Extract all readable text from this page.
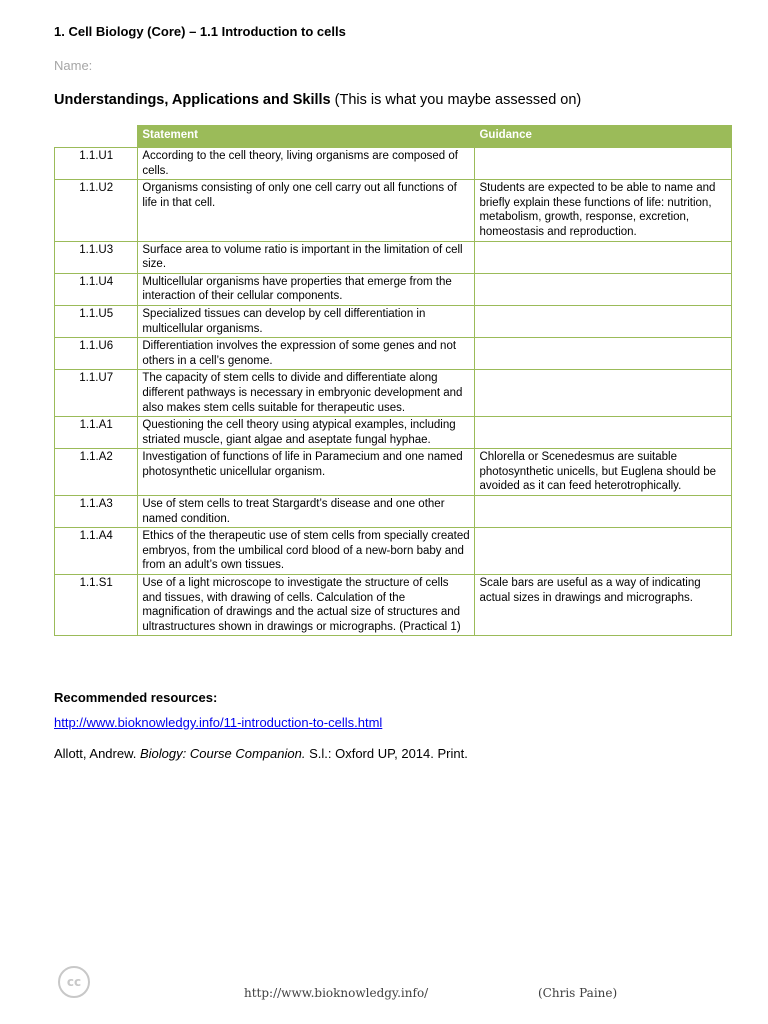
1. Cell Biology (Core) – 1.1 Introduction to cells
Name:
Understandings, Applications and Skills (This is what you maybe assessed on)
	Statement	Guidance
1.1.U1	According to the cell theory, living organisms are composed of cells.	
1.1.U2	Organisms consisting of only one cell carry out all functions of life in that cell.	Students are expected to be able to name and briefly explain these functions of life: nutrition, metabolism, growth, response, excretion, homeostasis and reproduction.
1.1.U3	Surface area to volume ratio is important in the limitation of cell size.	
1.1.U4	Multicellular organisms have properties that emerge from the interaction of their cellular components.	
1.1.U5	Specialized tissues can develop by cell differentiation in multicellular organisms.	
1.1.U6	Differentiation involves the expression of some genes and not others in a cell’s genome.	
1.1.U7	The capacity of stem cells to divide and differentiate along different pathways is necessary in embryonic development and also makes stem cells suitable for therapeutic uses.	
1.1.A1	Questioning the cell theory using atypical examples, including striated muscle, giant algae and aseptate fungal hyphae.	
1.1.A2	Investigation of functions of life in Paramecium and one named photosynthetic unicellular organism.	Chlorella or Scenedesmus are suitable photosynthetic unicells, but Euglena should be avoided as it can feed heterotrophically.
1.1.A3	Use of stem cells to treat Stargardt’s disease and one other named condition.	
1.1.A4	Ethics of the therapeutic use of stem cells from specially created embryos, from the umbilical cord blood of a new-born baby and from an adult’s own tissues.	
1.1.S1	Use of a light microscope to investigate the structure of cells and tissues, with drawing of cells. Calculation of the magnification of drawings and the actual size of structures and ultrastructures shown in drawings or micrographs. (Practical 1)	Scale bars are useful as a way of indicating actual sizes in drawings and micrographs.
Recommended resources:
http://www.bioknowledgy.info/11-introduction-to-cells.html
Allott, Andrew. Biology: Course Companion. S.l.: Oxford UP, 2014. Print.
cc
http://www.bioknowledgy.info/	(Chris Paine)
